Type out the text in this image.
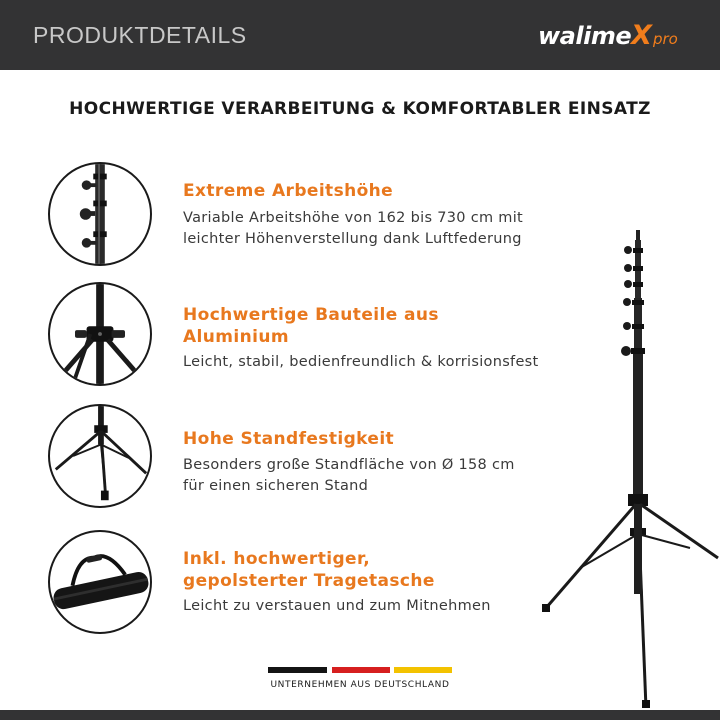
PRODUKTDETAILS	walimeXpro
HOCHWERTIGE VERARBEITUNG & KOMFORTABLER EINSATZ
Extreme Arbeitshöhe
Variable Arbeitshöhe von 162 bis 730 cm mit
leichter Höhenverstellung dank Luftfederung
Hochwertige Bauteile aus
Aluminium
Leicht, stabil, bedienfreundlich & korrisionsfest
Hohe Standfestigkeit
Besonders große Standfläche von Ø 158 cm
für einen sicheren Stand
Inkl. hochwertiger,
gepolsterter Tragetasche
Leicht zu verstauen und zum Mitnehmen
UNTERNEHMEN AUS DEUTSCHLAND
